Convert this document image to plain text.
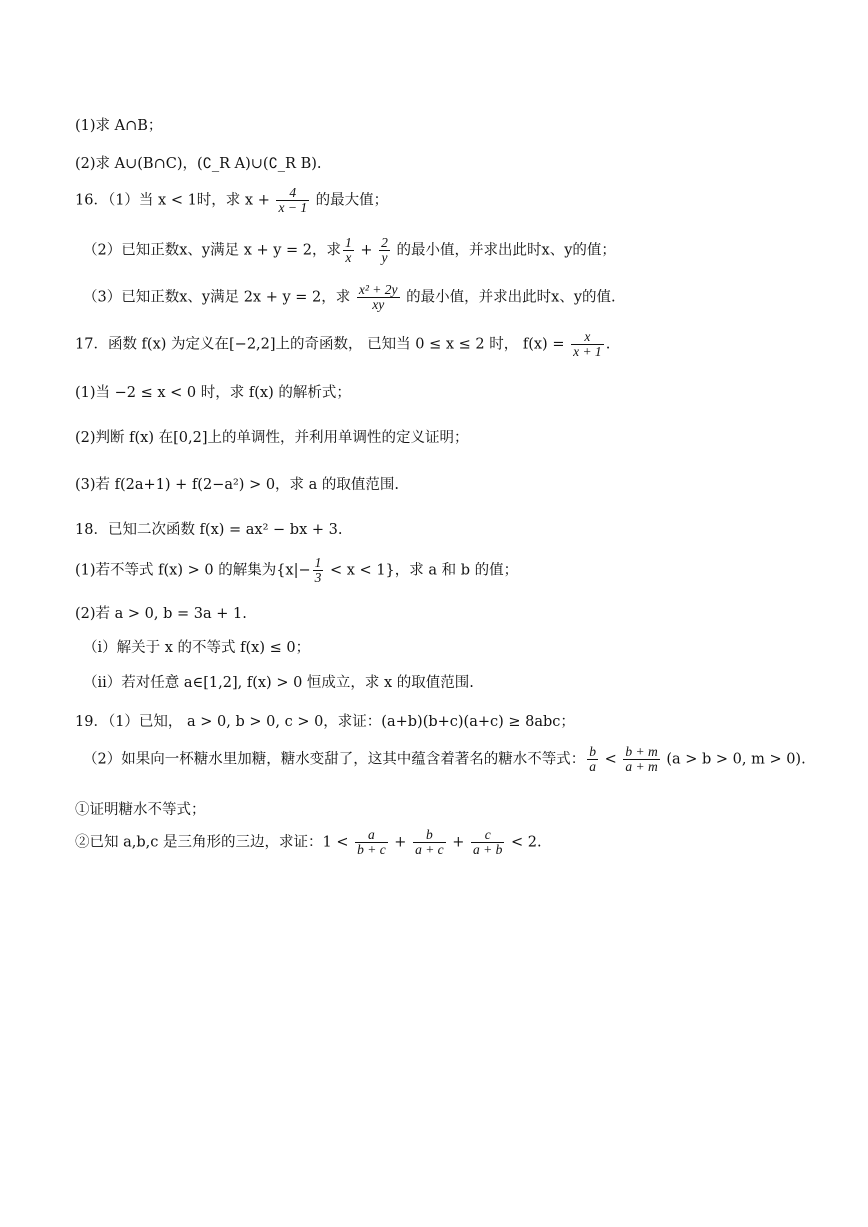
(1)求 A∩B；
(2)求 A∪(B∩C)，(∁_R A)∪(∁_R B).
16．（1）当 x < 1时，求 $x + \frac{4}{x - 1}$ 的最大值；
（2）已知正数x、y满足 x + y = 2，求 $\frac{1}{x} + \frac{2}{y}$ 的最小值，并求出此时x、y的值；
（3）已知正数x、y满足 2x + y = 2，求 $\frac{\text{x² + 2y}}{xy}$ 的最小值，并求出此时x、y的值.
17．函数 f(x) 为定义在[−2,2]上的奇函数， 已知当 0 ≤ x ≤ 2 时， $f(x) = \frac{x}{x + 1}$ .
(1)当 −2 ≤ x < 0 时，求 f(x) 的解析式；
(2)判断 f(x) 在[0,2]上的单调性，并利用单调性的定义证明；
(3)若 f(2a+1) + f(2−a²) > 0，求 a 的取值范围.
18．已知二次函数 f(x) = ax² − bx + 3.
(1)若不等式 f(x) > 0 的解集为$\{x|- \frac{1}{3} < x < 1\}$，求 a 和 b 的值；
(2)若 a > 0, b = 3a + 1.
（i）解关于 x 的不等式 f(x) ≤ 0；
（ii）若对任意 a∈[1,2], f(x) > 0 恒成立，求 x 的取值范围.
19．（1）已知， a > 0, b > 0, c > 0，求证：(a+b)(b+c)(a+c) ≥ 8abc；
（2）如果向一杯糖水里加糖，糖水变甜了，这其中蕴含着著名的糖水不等式： $\frac{b}{a} < \frac{b + m}{a + m} (a > b > 0$, m > 0).
①证明糖水不等式；
②已知 a,b,c 是三角形的三边，求证：$1 < \frac{a}{b + c} + \frac{b}{a + c} + \frac{c}{a + b} < 2$.
